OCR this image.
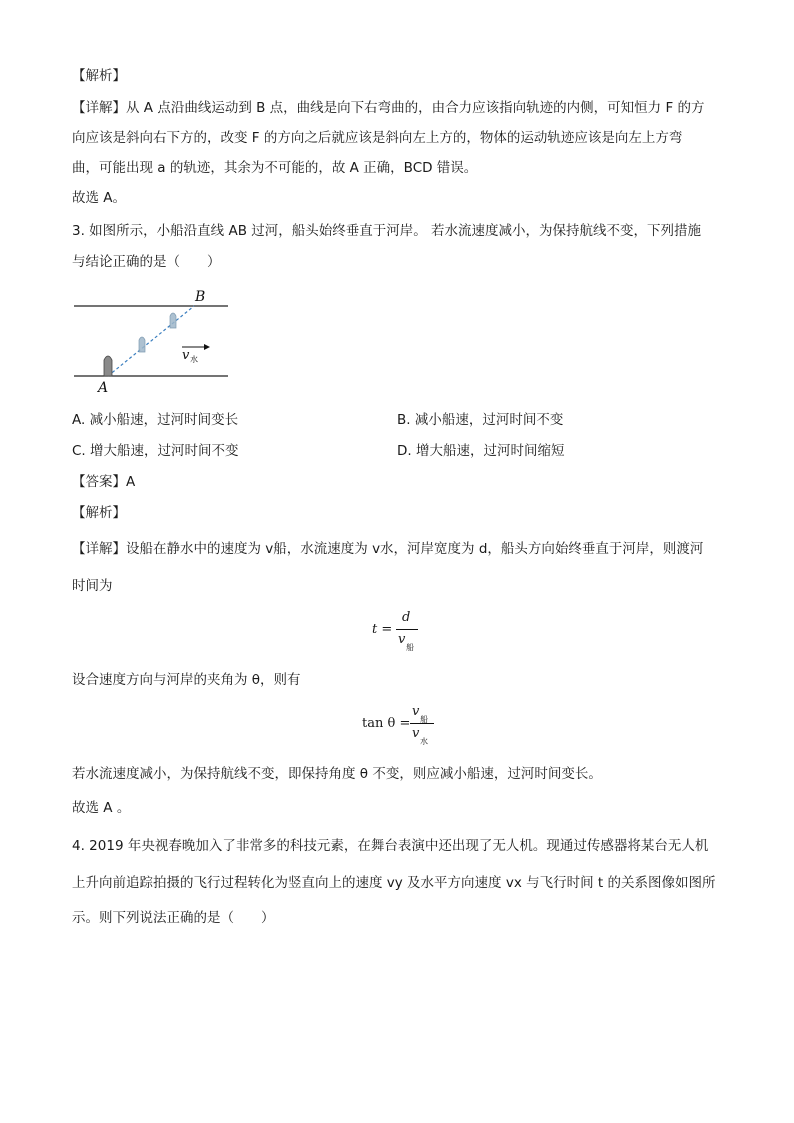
【解析】
【详解】从 A 点沿曲线运动到 B 点，曲线是向下右弯曲的，由合力应该指向轨迹的内侧，可知恒力 F 的方
向应该是斜向右下方的，改变 F 的方向之后就应该是斜向左上方的，物体的运动轨迹应该是向左上方弯
曲，可能出现 a 的轨迹，其余为不可能的，故 A 正确，BCD 错误。
故选 A。
3. 如图所示，小船沿直线 AB 过河，船头始终垂直于河岸。 若水流速度减小，为保持航线不变，下列措施
与结论正确的是（　　）
A
B
v 水
A. 减小船速，过河时间变长	B. 减小船速，过河时间不变
C. 增大船速，过河时间不变	D. 增大船速，过河时间缩短
【答案】A
【解析】
【详解】设船在静水中的速度为 v船，水流速度为 v水，河岸宽度为 d，船头方向始终垂直于河岸，则渡河
时间为
t =
d
v
船
设合速度方向与河岸的夹角为 θ，则有
tan θ =
v
船
v
水
若水流速度减小，为保持航线不变，即保持角度 θ 不变，则应减小船速，过河时间变长。
故选 A 。
4. 2019 年央视春晚加入了非常多的科技元素，在舞台表演中还出现了无人机。现通过传感器将某台无人机
上升向前追踪拍摄的飞行过程转化为竖直向上的速度 vy 及水平方向速度 vx 与飞行时间 t 的关系图像如图所
示。则下列说法正确的是（　　）
